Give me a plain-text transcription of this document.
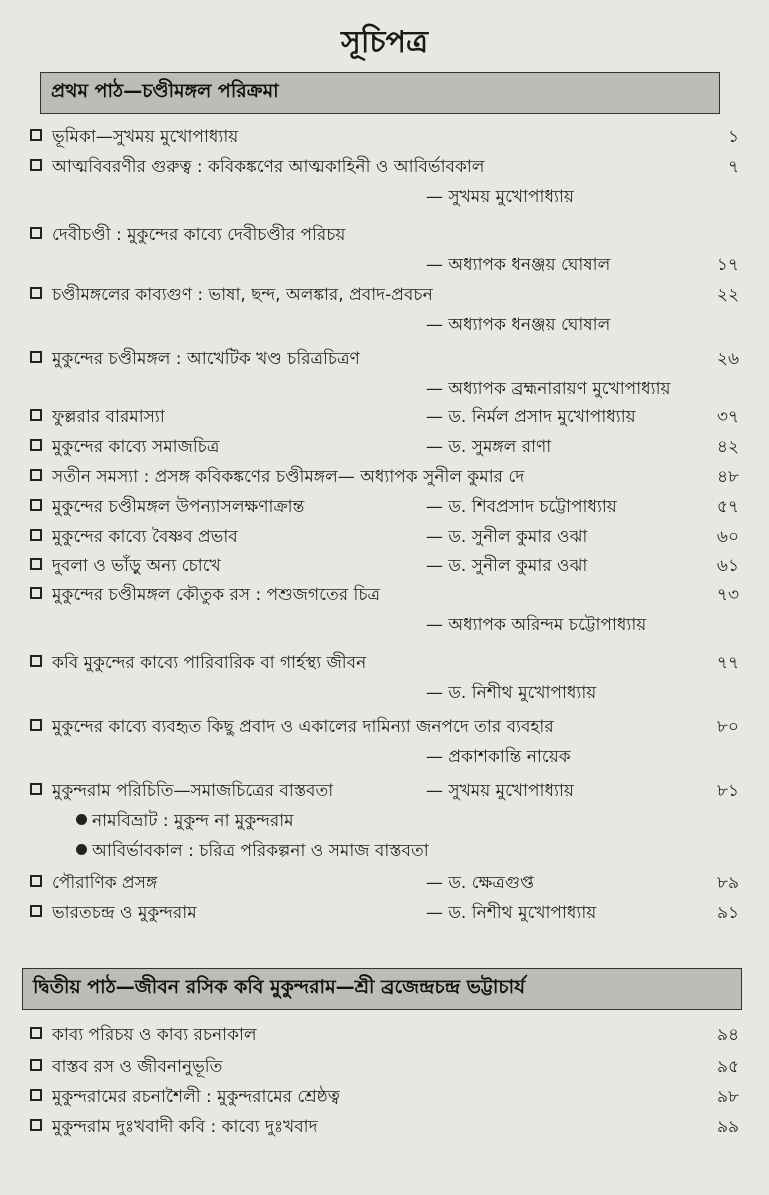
সূচিপত্র
প্রথম পাঠ—চণ্ডীমঙ্গল পরিক্রমা
ভূমিকা—সুখময় মুখোপাধ্যায়	১
আত্মবিবরণীর গুরুত্ব : কবিকঙ্কণের আত্মকাহিনী ও আবির্ভাবকাল	৭
— সুখময় মুখোপাধ্যায়
দেবীচণ্ডী : মুকুন্দের কাব্যে দেবীচণ্ডীর পরিচয়
— অধ্যাপক ধনঞ্জয় ঘোষাল	১৭
চণ্ডীমঙ্গলের কাব্যগুণ : ভাষা, ছন্দ, অলঙ্কার, প্রবাদ-প্রবচন	২২
— অধ্যাপক ধনঞ্জয় ঘোষাল
মুকুন্দের চণ্ডীমঙ্গল : আখেটিক খণ্ড চরিত্রচিত্রণ	২৬
— অধ্যাপক ব্রহ্মনারায়ণ মুখোপাধ্যায়
ফুল্লরার বারমাস্যা	— ড. নির্মল প্রসাদ মুখোপাধ্যায়	৩৭
মুকুন্দের কাব্যে সমাজচিত্র	— ড. সুমঙ্গল রাণা	৪২
সতীন সমস্যা : প্রসঙ্গ কবিকঙ্কণের চণ্ডীমঙ্গল— অধ্যাপক সুনীল কুমার দে	৪৮
মুকুন্দের চণ্ডীমঙ্গল উপন্যাসলক্ষণাক্রান্ত	— ড. শিবপ্রসাদ চট্টোপাধ্যায়	৫৭
মুকুন্দের কাব্যে বৈষ্ণব প্রভাব	— ড. সুনীল কুমার ওঝা	৬০
দুবলা ও ভাঁড়ু অন্য চোখে	— ড. সুনীল কুমার ওঝা	৬১
মুকুন্দের চণ্ডীমঙ্গল কৌতুক রস : পশুজগতের চিত্র	৭৩
— অধ্যাপক অরিন্দম চট্টোপাধ্যায়
কবি মুকুন্দের কাব্যে পারিবারিক বা গার্হস্থ্য জীবন	৭৭
— ড. নিশীথ মুখোপাধ্যায়
মুকুন্দের কাব্যে ব্যবহৃত কিছু প্রবাদ ও একালের দামিন্যা জনপদে তার ব্যবহার	৮০
— প্রকাশকান্তি নায়েক
মুকুন্দরাম পরিচিতি—সমাজচিত্রের বাস্তবতা	— সুখময় মুখোপাধ্যায়	৮১
নামবিভ্রাট : মুকুন্দ না মুকুন্দরাম
আবির্ভাবকাল : চরিত্র পরিকল্পনা ও সমাজ বাস্তবতা
পৌরাণিক প্রসঙ্গ	— ড. ক্ষেত্রগুপ্ত	৮৯
ভারতচন্দ্র ও মুকুন্দরাম	— ড. নিশীথ মুখোপাধ্যায়	৯১
দ্বিতীয় পাঠ—জীবন রসিক কবি মুকুন্দরাম—শ্রী ব্রজেন্দ্রচন্দ্র ভট্টাচার্য
কাব্য পরিচয় ও কাব্য রচনাকাল	৯৪
বাস্তব রস ও জীবনানুভূতি	৯৫
মুকুন্দরামের রচনাশৈলী : মুকুন্দরামের শ্রেষ্ঠত্ব	৯৮
মুকুন্দরাম দুঃখবাদী কবি : কাব্যে দুঃখবাদ	৯৯
